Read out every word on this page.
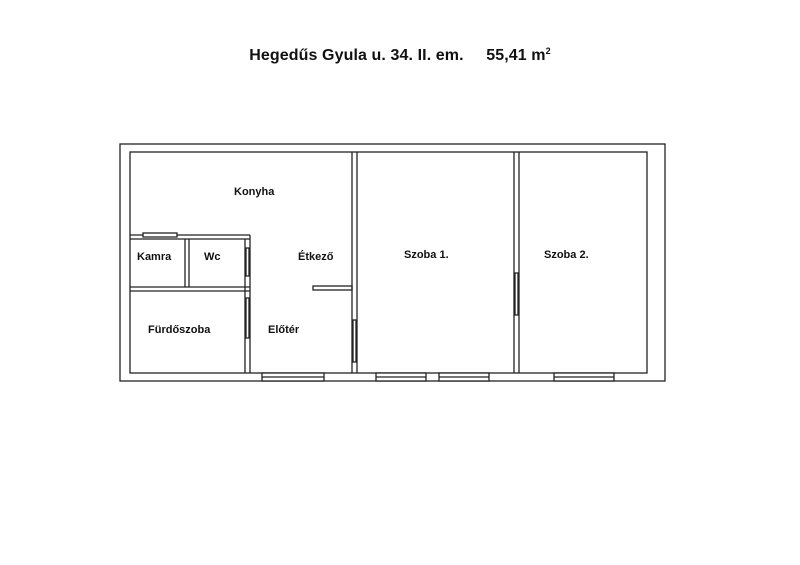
Hegedűs Gyula u. 34. II. em. 55,41 $m^2$
Konyha
Kamra	Wc	Étkező
Fürdőszoba	Előtér
Szoba 1.	Szoba 2.
